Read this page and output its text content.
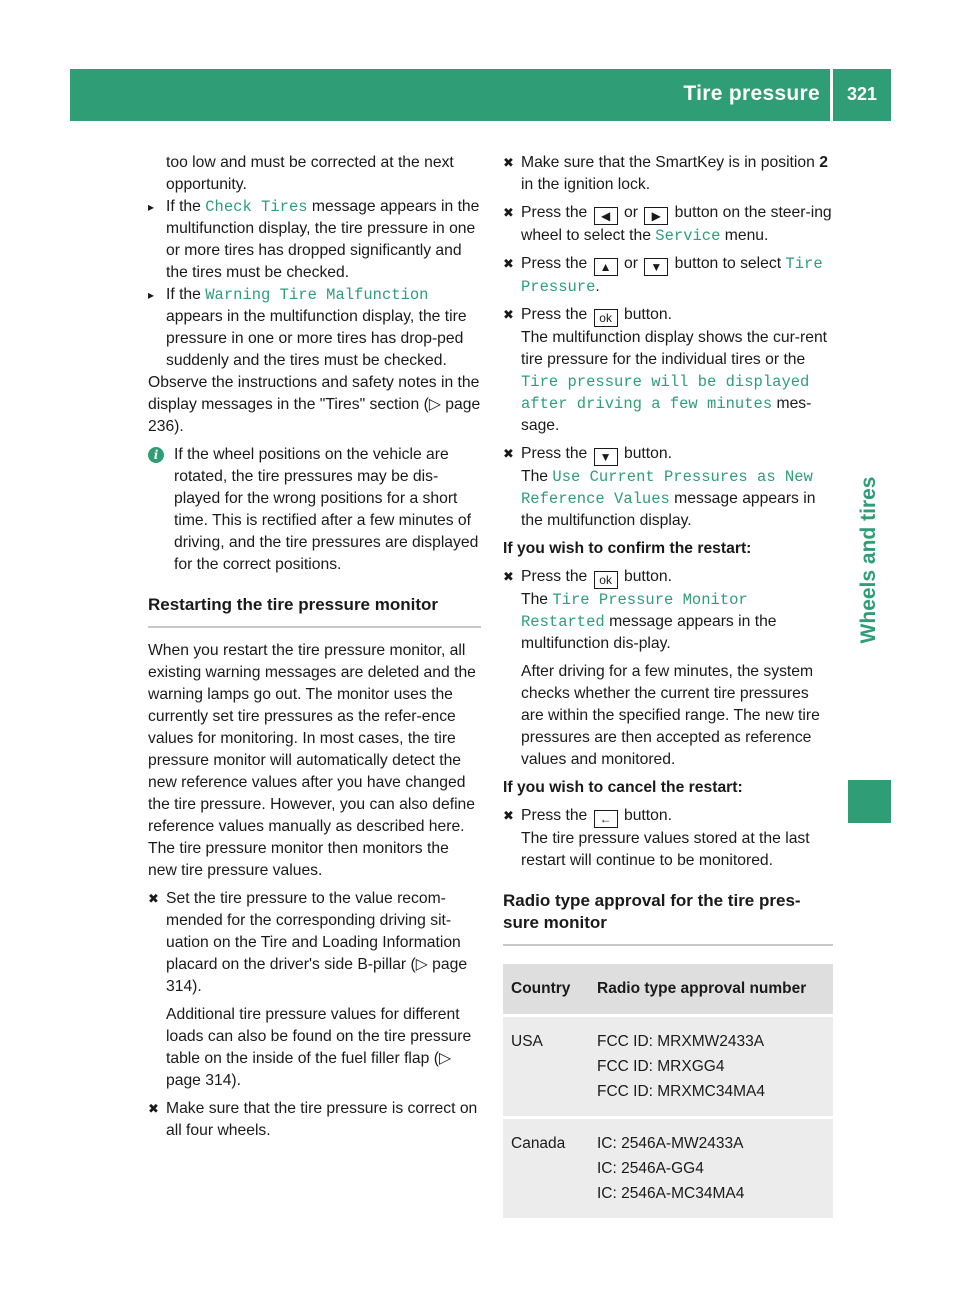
Tire pressure	321
Wheels and tires

too low and must be corrected at the next opportunity.

▸ If the Check Tires message appears in the multifunction display, the tire pressure in one or more tires has dropped significantly and the tires must be checked.

▸ If the Warning Tire Malfunction appears in the multifunction display, the tire pressure in one or more tires has drop-ped suddenly and the tires must be checked.

Observe the instructions and safety notes in the display messages in the "Tires" section (▷ page 236).

i	If the wheel positions on the vehicle are rotated, the tire pressures may be dis-played for the wrong positions for a short time. This is rectified after a few minutes of driving, and the tire pressures are displayed for the correct positions.
Restarting the tire pressure monitor

When you restart the tire pressure monitor, all existing warning messages are deleted and the warning lamps go out. The monitor uses the currently set tire pressures as the refer-ence values for monitoring. In most cases, the tire pressure monitor will automatically detect the new reference values after you have changed the tire pressure. However, you can also define reference values manually as described here. The tire pressure monitor then monitors the new tire pressure values.

✖ Set the tire pressure to the value recom-mended for the corresponding driving sit-uation on the Tire and Loading Information placard on the driver's side B-pillar (▷ page 314).

Additional tire pressure values for different loads can also be found on the tire pressure table on the inside of the fuel filler flap (▷ page 314).

✖ Make sure that the tire pressure is correct on all four wheels.

✖ Make sure that the SmartKey is in position 2 in the ignition lock.

✖ Press the ◀ or ▶ button on the steer-ing wheel to select the Service menu.

✖ Press the ▲ or ▼ button to select Tire Pressure.

✖ Press the ok button.

The multifunction display shows the cur-rent tire pressure for the individual tires or the Tire pressure will be displayed after driving a few minutes mes-sage.

✖ Press the ▼ button.

The Use Current Pressures as New Reference Values message appears in the multifunction display.

If you wish to confirm the restart:

✖ Press the ok button.

The Tire Pressure Monitor Restarted message appears in the multifunction dis-play.

After driving for a few minutes, the system checks whether the current tire pressures are within the specified range. The new tire pressures are then accepted as reference values and monitored.

If you wish to cancel the restart:

✖ Press the ← button.

The tire pressure values stored at the last restart will continue to be monitored.

Radio type approval for the tire pres-sure monitor
Country	Radio type approval number
USA	FCC ID: MRXMW2433A
FCC ID: MRXGG4
FCC ID: MRXMC34MA4

Canada	IC: 2546A-MW2433A
IC: 2546A-GG4
IC: 2546A-MC34MA4
